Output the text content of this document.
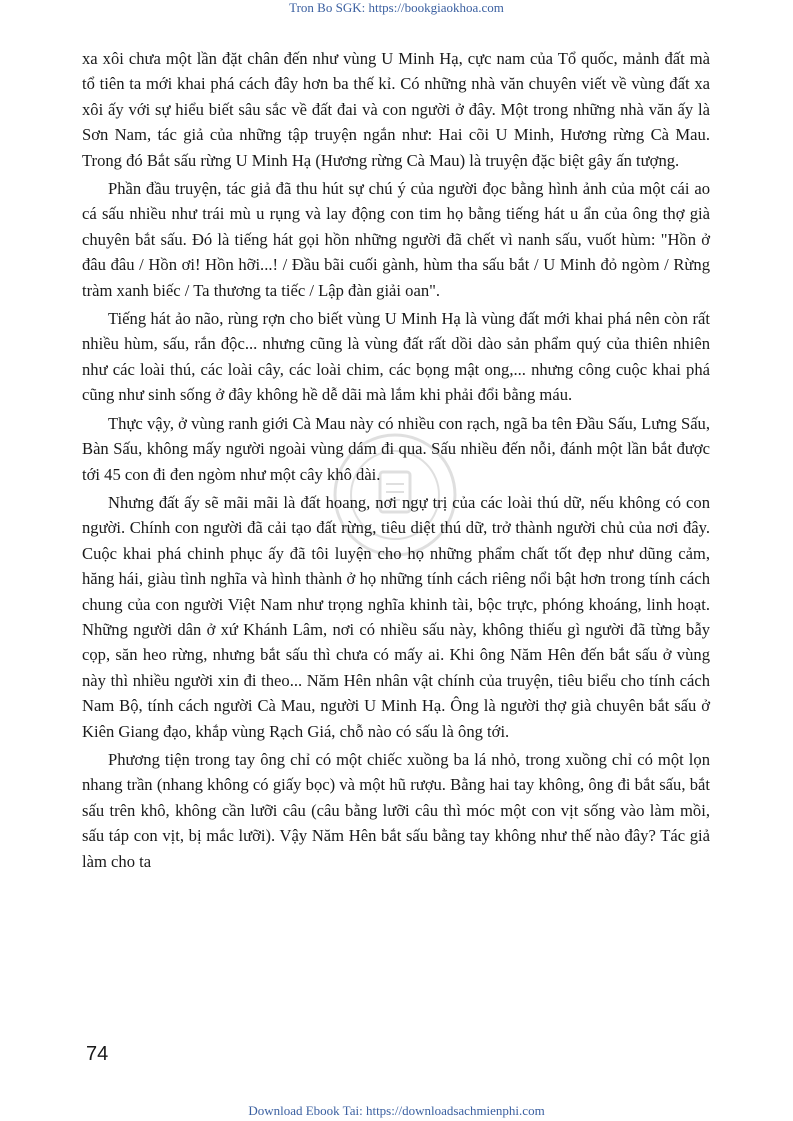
Tron Bo SGK: https://bookgiaokhoa.com

xa xôi chưa một lần đặt chân đến như vùng U Minh Hạ, cực nam của Tổ quốc, mảnh đất mà tổ tiên ta mới khai phá cách đây hơn ba thế kỉ. Có những nhà văn chuyên viết về vùng đất xa xôi ấy với sự hiểu biết sâu sắc về đất đai và con người ở đây. Một trong những nhà văn ấy là Sơn Nam, tác giả của những tập truyện ngắn như: Hai cõi U Minh, Hương rừng Cà Mau. Trong đó Bắt sấu rừng U Minh Hạ (Hương rừng Cà Mau) là truyện đặc biệt gây ấn tượng.

Phần đầu truyện, tác giả đã thu hút sự chú ý của người đọc bằng hình ảnh của một cái ao cá sấu nhiều như trái mù u rụng và lay động con tim họ bằng tiếng hát u ẩn của ông thợ già chuyên bắt sấu. Đó là tiếng hát gọi hồn những người đã chết vì nanh sấu, vuốt hùm: "Hồn ở đâu đâu / Hồn ơi! Hồn hỡi...! / Đầu bãi cuối gành, hùm tha sấu bắt / U Minh đỏ ngòm / Rừng tràm xanh biếc / Ta thương ta tiếc / Lập đàn giải oan".

Tiếng hát ảo não, rùng rợn cho biết vùng U Minh Hạ là vùng đất mới khai phá nên còn rất nhiều hùm, sấu, rắn độc... nhưng cũng là vùng đất rất dồi dào sản phẩm quý của thiên nhiên như các loài thú, các loài cây, các loài chim, các bọng mật ong,... nhưng công cuộc khai phá cũng như sinh sống ở đây không hề dễ dãi mà lắm khi phải đổi bằng máu.

Thực vậy, ở vùng ranh giới Cà Mau này có nhiều con rạch, ngã ba tên Đầu Sấu, Lưng Sấu, Bàn Sấu, không mấy người ngoài vùng dám đi qua. Sấu nhiều đến nỗi, đánh một lần bắt được tới 45 con đi đen ngòm như một cây khô dài.

Nhưng đất ấy sẽ mãi mãi là đất hoang, nơi ngự trị của các loài thú dữ, nếu không có con người. Chính con người đã cải tạo đất rừng, tiêu diệt thú dữ, trở thành người chủ của nơi đây. Cuộc khai phá chinh phục ấy đã tôi luyện cho họ những phẩm chất tốt đẹp như dũng cảm, hăng hái, giàu tình nghĩa và hình thành ở họ những tính cách riêng nổi bật hơn trong tính cách chung của con người Việt Nam như trọng nghĩa khinh tài, bộc trực, phóng khoáng, linh hoạt. Những người dân ở xứ Khánh Lâm, nơi có nhiều sấu này, không thiếu gì người đã từng bẫy cọp, săn heo rừng, nhưng bắt sấu thì chưa có mấy ai. Khi ông Năm Hên đến bắt sấu ở vùng này thì nhiều người xin đi theo... Năm Hên nhân vật chính của truyện, tiêu biểu cho tính cách Nam Bộ, tính cách người Cà Mau, người U Minh Hạ. Ông là người thợ già chuyên bắt sấu ở Kiên Giang đạo, khắp vùng Rạch Giá, chỗ nào có sấu là ông tới.

Phương tiện trong tay ông chỉ có một chiếc xuồng ba lá nhỏ, trong xuồng chỉ có một lọn nhang trần (nhang không có giấy bọc) và một hũ rượu. Bằng hai tay không, ông đi bắt sấu, bắt sấu trên khô, không cần lưỡi câu (câu bằng lưỡi câu thì móc một con vịt sống vào làm mồi, sấu táp con vịt, bị mắc lưỡi). Vậy Năm Hên bắt sấu bằng tay không như thế nào đây? Tác giả làm cho ta

74
Download Ebook Tai: https://downloadsachmienphi.com
